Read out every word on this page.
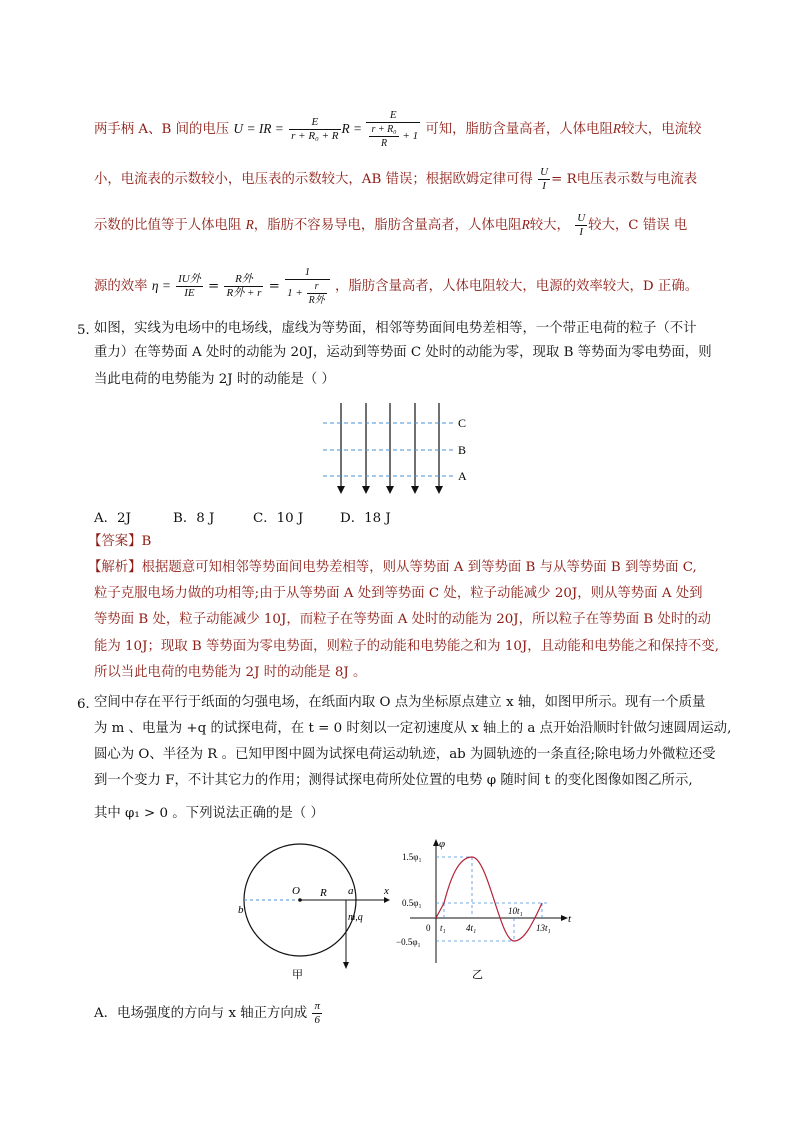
两手柄 A、B 间的电压 U = IR = $\frac{E}{\text{r + R₀ + R}}$ $R = \frac{E}{\frac{\text{r + R₀}}{R} + 1}$ 可知，脂肪含量高者，人体电阻R较大，电流较
小，电流表的示数较小，电压表的示数较大，AB 错误；根据欧姆定律可得 $\frac{U}{I} = R$电压表示数与电流表
示数的比值等于人体电阻 R，脂肪不容易导电，脂肪含量高者，人体电阻R较大， $\frac{U}{I}$ 较大，C 错误 电
源的效率 $\eta = \frac{\text{IU外}}{IE} = \frac{\text{R外}}{\text{R外 + r}} = \frac{1}{1 + \frac{r}{\text{R外}}}$ ，脂肪含量高者，人体电阻较大，电源的效率较大，D 正确。
5．
如图，实线为电场中的电场线，虚线为等势面，相邻等势面间电势差相等，一个带正电荷的粒子（不计
重力）在等势面 A 处时的动能为 20J，运动到等势面 C 处时的动能为零，现取 B 等势面为零电势面，则
当此电荷的电势能为 2J 时的动能是（ ）
C
B
A
A．2J	B．8 J	C．10 J	D．18 J
【答案】B
【解析】根据题意可知相邻等势面间电势差相等，则从等势面 A 到等势面 B 与从等势面 B 到等势面 C,
粒子克服电场力做的功相等;由于从等势面 A 处到等势面 C 处，粒子动能减少 20J，则从等势面 A 处到
等势面 B 处，粒子动能减少 10J，而粒子在等势面 A 处时的动能为 20J，所以粒子在等势面 B 处时的动
能为 10J；现取 B 等势面为零电势面，则粒子的动能和电势能之和为 10J，且动能和电势能之和保持不变,
所以当此电荷的电势能为 2J 时的动能是 8J 。
6．
空间中存在平行于纸面的匀强电场，在纸面内取 O 点为坐标原点建立 x 轴，如图甲所示。现有一个质量
为 m 、电量为 +q 的试探电荷，在 t = 0 时刻以一定初速度从 x 轴上的 a 点开始沿顺时针做匀速圆周运动,
圆心为 O、半径为 R 。已知甲图中圆为试探电荷运动轨迹，ab 为圆轨迹的一条直径;除电场力外微粒还受
到一个变力 F，不计其它力的作用；测得试探电荷所处位置的电势 φ 随时间 t 的变化图像如图乙所示,
其中 φ₁ > 0 。下列说法正确的是（ ）
b
O R a	x
m,q
甲
φ
1.5φ₁
0.5φ₁
−0.5φ₁
0 t₁ 4t₁
10t₁
13t₁
t
乙
A．电场强度的方向与 x 轴正方向成 $\frac{\pi}{6}$
